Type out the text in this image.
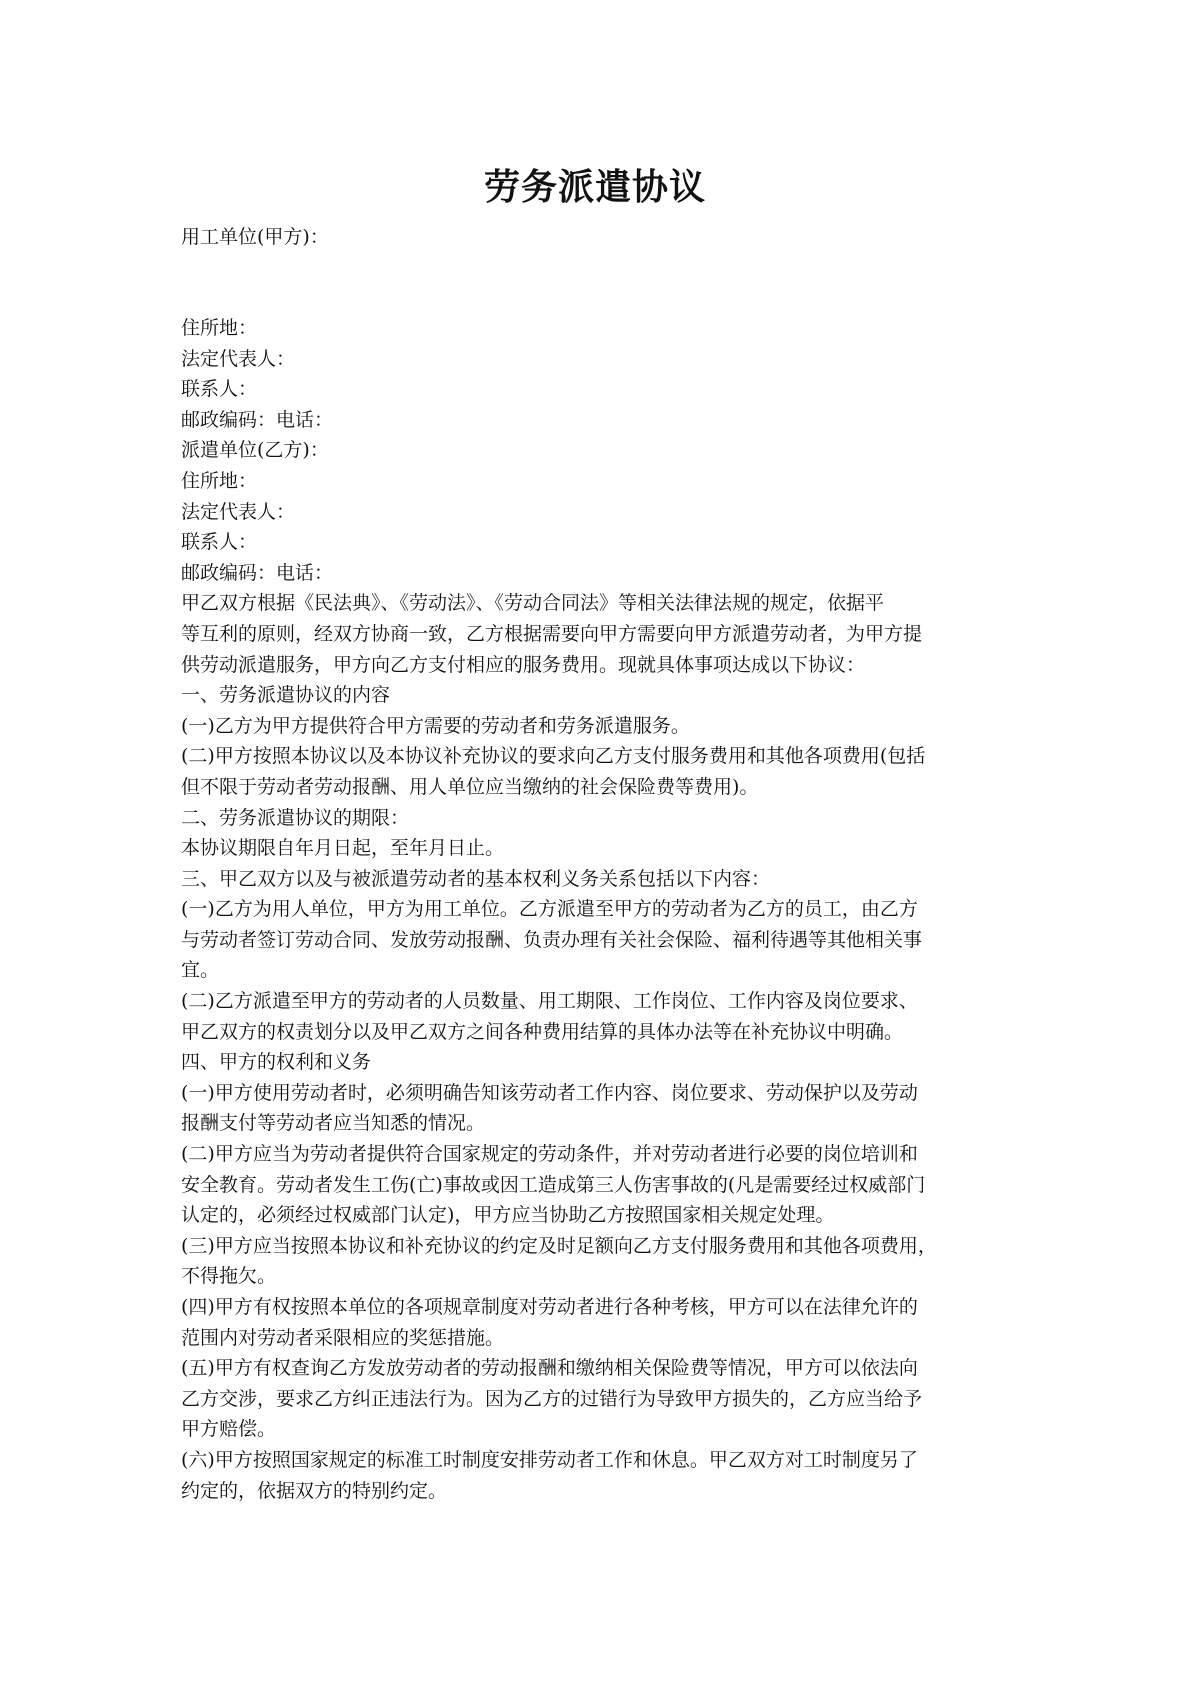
劳务派遣协议
用工单位(甲方)：
住所地：
法定代表人：
联系人：
邮政编码：电话：
派遣单位(乙方)：
住所地：
法定代表人：
联系人：
邮政编码：电话：
甲乙双方根据《民法典》、《劳动法》、《劳动合同法》等相关法律法规的规定，依据平
等互利的原则，经双方协商一致，乙方根据需要向甲方需要向甲方派遣劳动者，为甲方提
供劳动派遣服务，甲方向乙方支付相应的服务费用。现就具体事项达成以下协议：
一、劳务派遣协议的内容
(一)乙方为甲方提供符合甲方需要的劳动者和劳务派遣服务。
(二)甲方按照本协议以及本协议补充协议的要求向乙方支付服务费用和其他各项费用(包括
但不限于劳动者劳动报酬、用人单位应当缴纳的社会保险费等费用)。
二、劳务派遣协议的期限：
本协议期限自年月日起，至年月日止。
三、甲乙双方以及与被派遣劳动者的基本权利义务关系包括以下内容：
(一)乙方为用人单位，甲方为用工单位。乙方派遣至甲方的劳动者为乙方的员工，由乙方
与劳动者签订劳动合同、发放劳动报酬、负责办理有关社会保险、福利待遇等其他相关事
宜。
(二)乙方派遣至甲方的劳动者的人员数量、用工期限、工作岗位、工作内容及岗位要求、
甲乙双方的权责划分以及甲乙双方之间各种费用结算的具体办法等在补充协议中明确。
四、甲方的权利和义务
(一)甲方使用劳动者时，必须明确告知该劳动者工作内容、岗位要求、劳动保护以及劳动
报酬支付等劳动者应当知悉的情况。
(二)甲方应当为劳动者提供符合国家规定的劳动条件，并对劳动者进行必要的岗位培训和
安全教育。劳动者发生工伤(亡)事故或因工造成第三人伤害事故的(凡是需要经过权威部门
认定的，必须经过权威部门认定)，甲方应当协助乙方按照国家相关规定处理。
(三)甲方应当按照本协议和补充协议的约定及时足额向乙方支付服务费用和其他各项费用，
不得拖欠。
(四)甲方有权按照本单位的各项规章制度对劳动者进行各种考核，甲方可以在法律允许的
范围内对劳动者采限相应的奖惩措施。
(五)甲方有权查询乙方发放劳动者的劳动报酬和缴纳相关保险费等情况，甲方可以依法向
乙方交涉，要求乙方纠正违法行为。因为乙方的过错行为导致甲方损失的，乙方应当给予
甲方赔偿。
(六)甲方按照国家规定的标准工时制度安排劳动者工作和休息。甲乙双方对工时制度另了
约定的，依据双方的特别约定。
